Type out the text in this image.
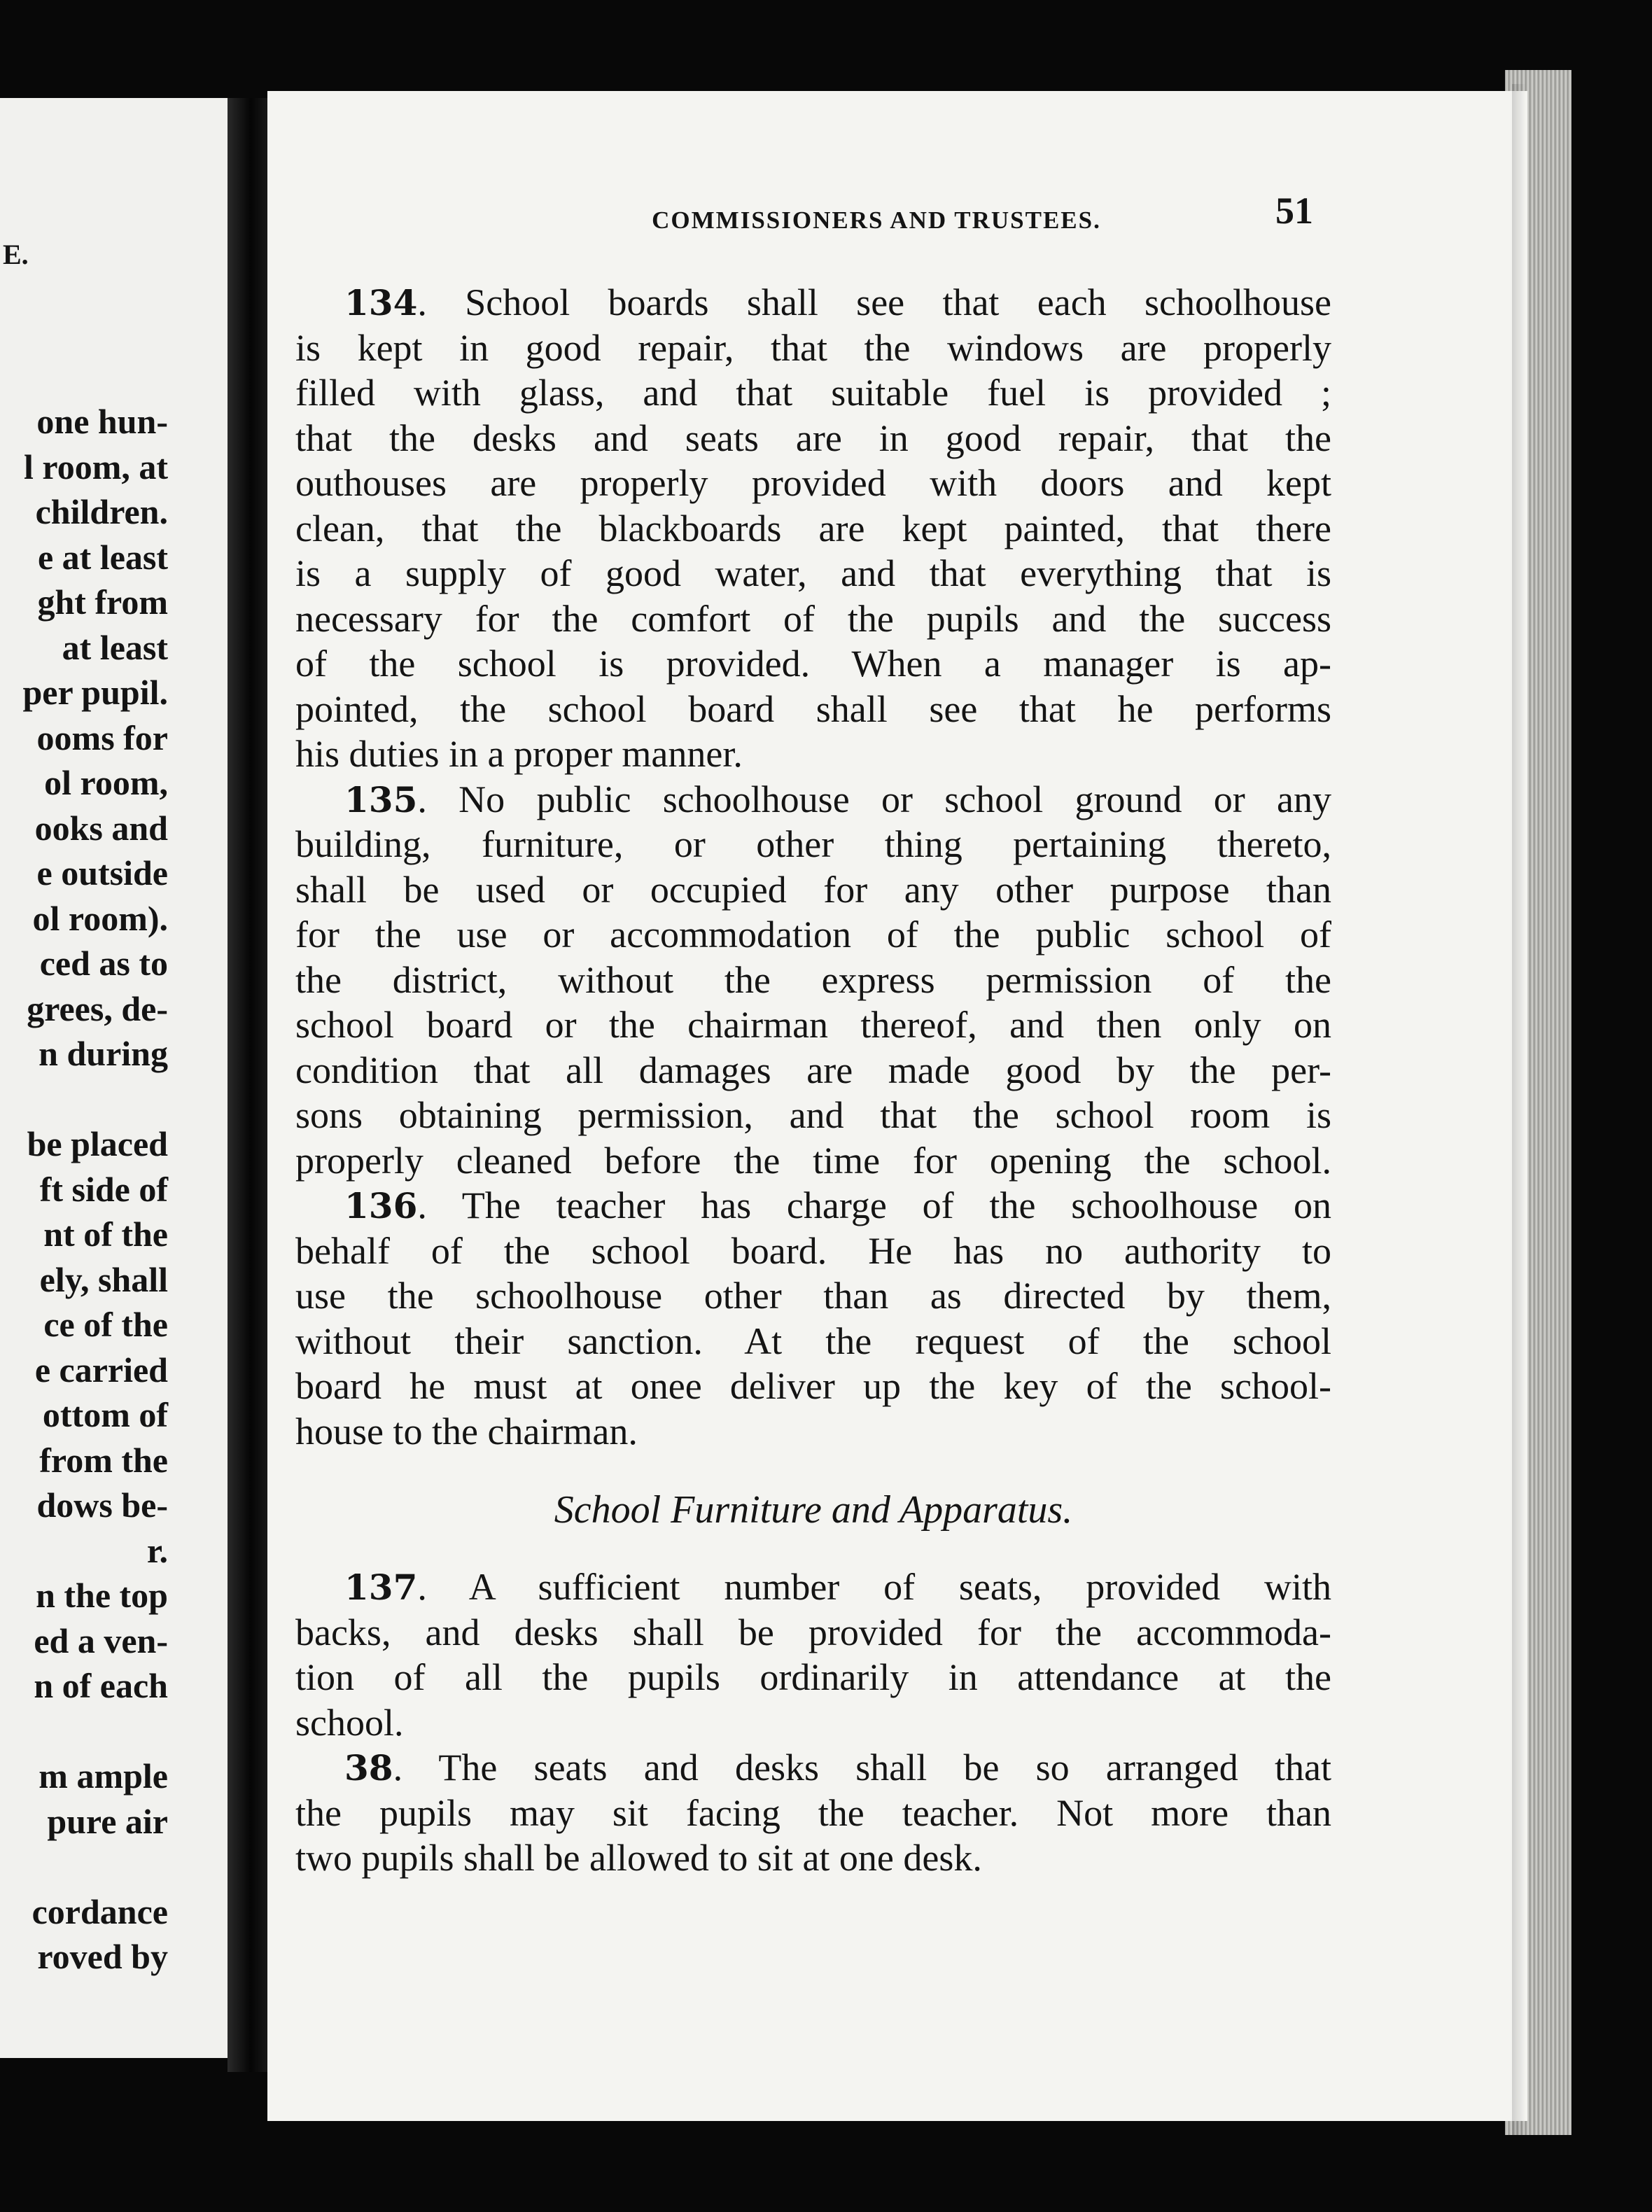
E.
one hun-
l room, at
children.
e at least
ght from
at least
per pupil.
ooms for
ol room,
ooks and
e outside
ol room).
ced as to
grees, de-
n during
be placed
ft side of
nt of the
ely, shall
ce of the
e carried
ottom of
from the
dows be-
r.
n the top
ed a ven-
n of each
m ample
pure air
cordance
roved by
COMMISSIONERS AND TRUSTEES.	51
134. School boards shall see that each schoolhouse
is kept in good repair, that the windows are properly
filled with glass, and that suitable fuel is provided ;
that the desks and seats are in good repair, that the
outhouses are properly provided with doors and kept
clean, that the blackboards are kept painted, that there
is a supply of good water, and that everything that is
necessary for the comfort of the pupils and the success
of the school is provided. When a manager is ap-
pointed, the school board shall see that he performs
his duties in a proper manner.
135. No public schoolhouse or school ground or any
building, furniture, or other thing pertaining thereto,
shall be used or occupied for any other purpose than
for the use or accommodation of the public school of
the district, without the express permission of the
school board or the chairman thereof, and then only on
condition that all damages are made good by the per-
sons obtaining permission, and that the school room is
properly cleaned before the time for opening the school.
136. The teacher has charge of the schoolhouse on
behalf of the school board. He has no authority to
use the schoolhouse other than as directed by them,
without their sanction. At the request of the school
board he must at onee deliver up the key of the school-
house to the chairman.
School Furniture and Apparatus.
137. A sufficient number of seats, provided with
backs, and desks shall be provided for the accommoda-
tion of all the pupils ordinarily in attendance at the
school.
38. The seats and desks shall be so arranged that
the pupils may sit facing the teacher. Not more than
two pupils shall be allowed to sit at one desk.
